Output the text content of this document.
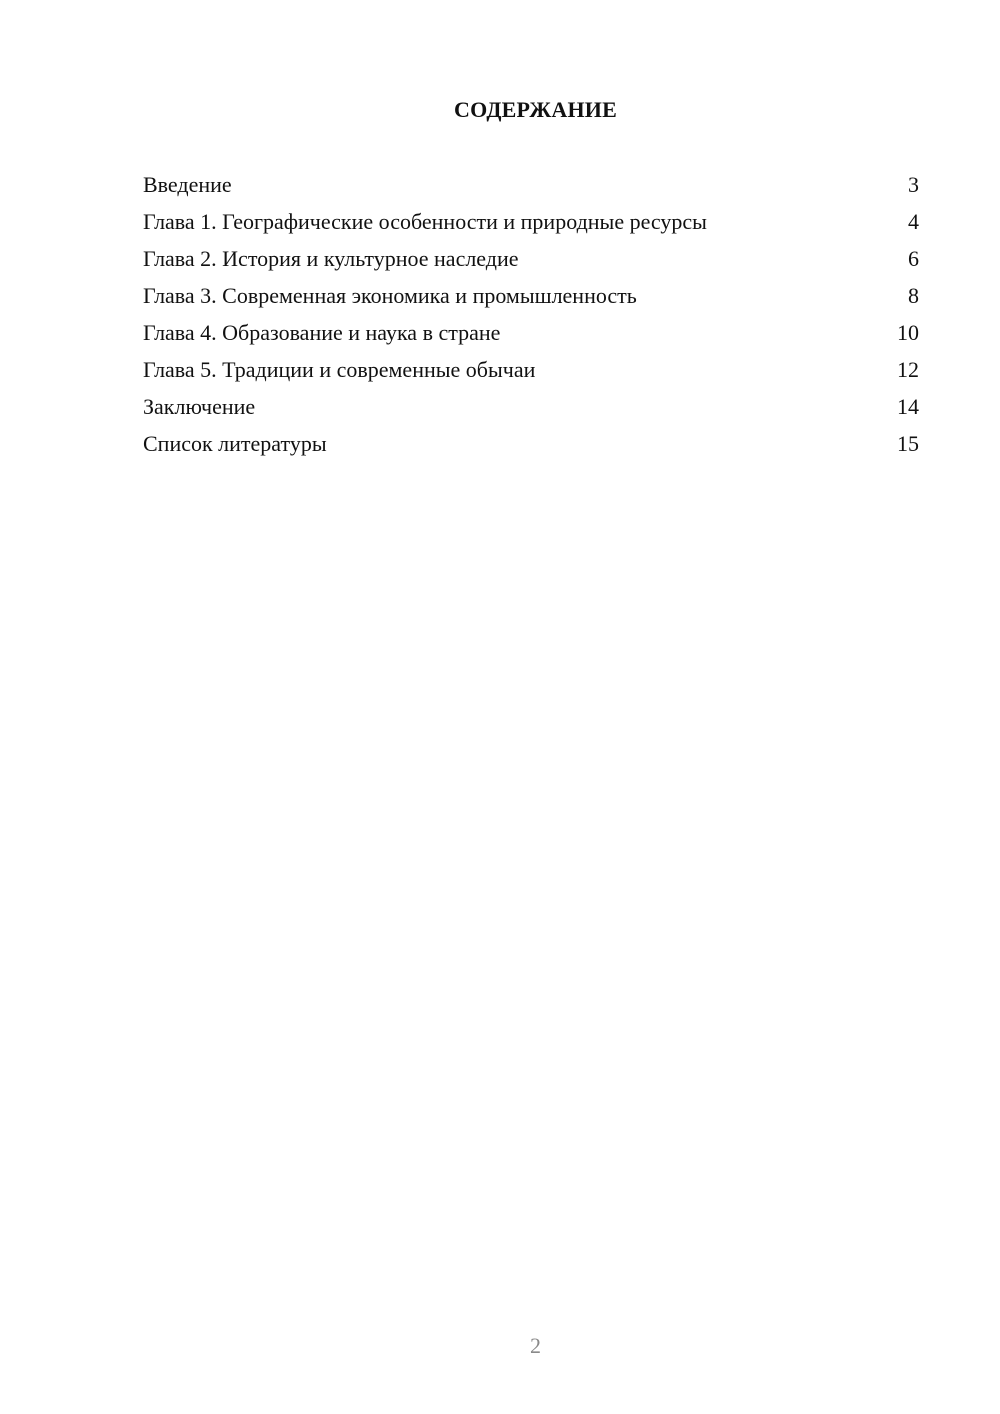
СОДЕРЖАНИЕ
Введение	3
Глава 1. Географические особенности и природные ресурсы	4
Глава 2. История и культурное наследие	6
Глава 3. Современная экономика и промышленность	8
Глава 4. Образование и наука в стране	10
Глава 5. Традиции и современные обычаи	12
Заключение	14
Список литературы	15
2
